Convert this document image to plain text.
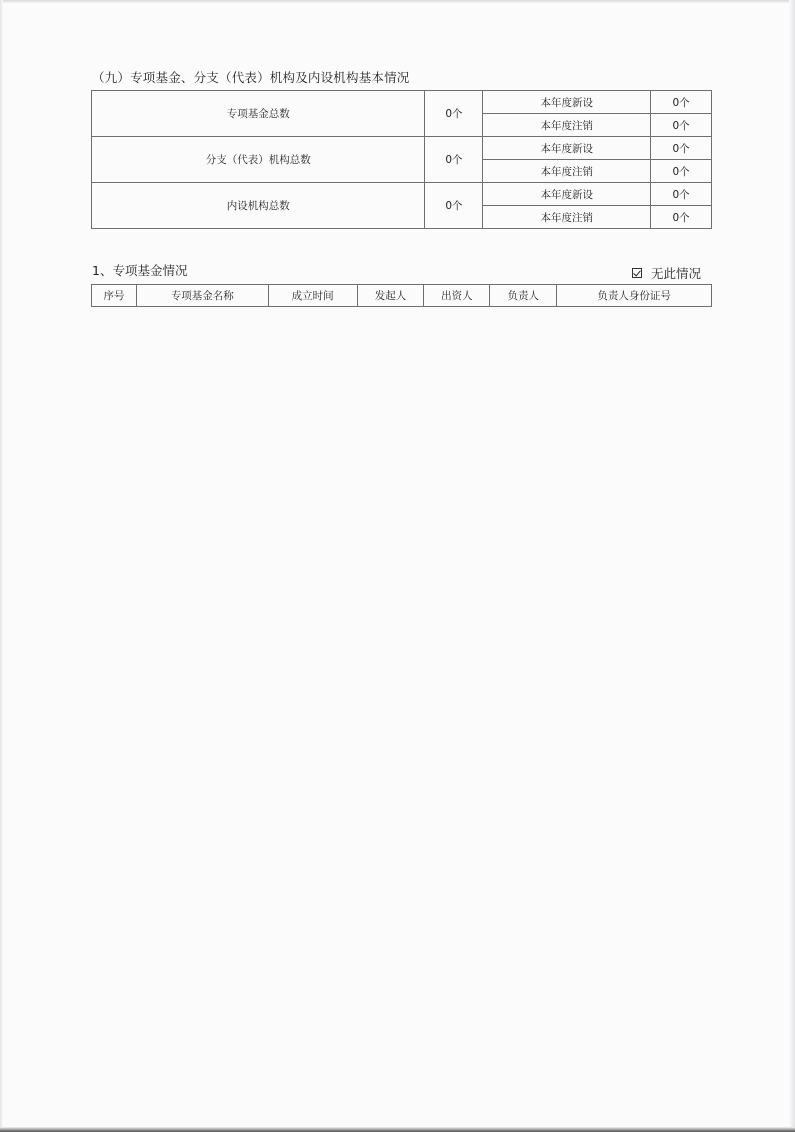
（九）专项基金、分支（代表）机构及内设机构基本情况
专项基金总数	0个	本年度新设	0个
		本年度注销	0个
分支（代表）机构总数	0个	本年度新设	0个
		本年度注销	0个
内设机构总数	0个	本年度新设	0个
		本年度注销	0个
1、专项基金情况	无此情况
序号	专项基金名称	成立时间	发起人	出资人	负责人	负责人身份证号
